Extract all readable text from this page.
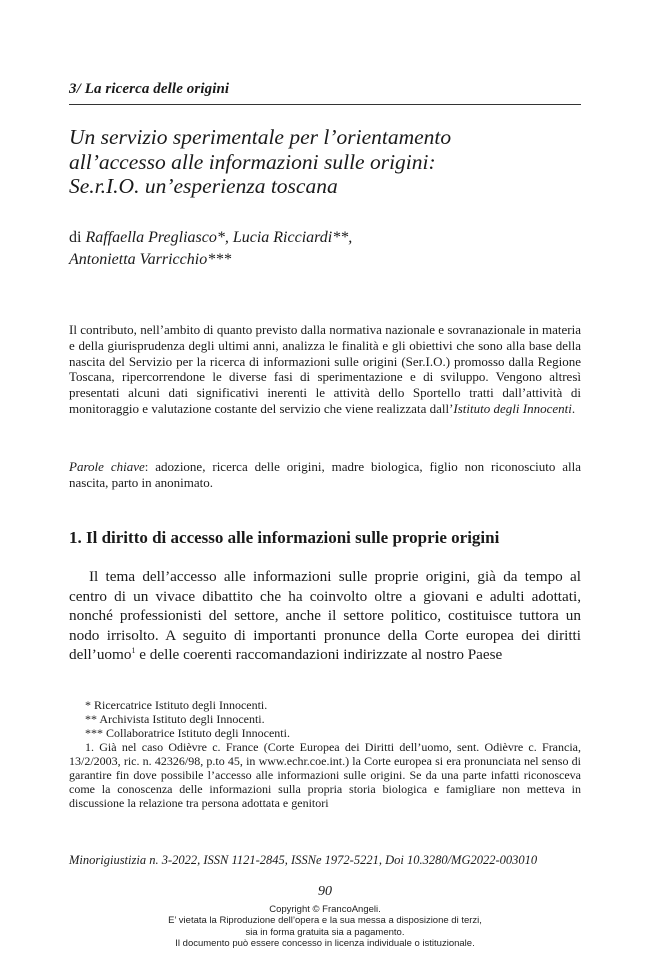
3/ La ricerca delle origini
Un servizio sperimentale per l’orientamento
all’accesso alle informazioni sulle origini:
Se.r.I.O. un’esperienza toscana
di Raffaella Pregliasco*, Lucia Ricciardi**,
Antonietta Varricchio***
Il contributo, nell’ambito di quanto previsto dalla normativa nazionale e sovranazionale in materia e della giurisprudenza degli ultimi anni, analizza le finalità e gli obiettivi che sono alla base della nascita del Servizio per la ricerca di informazioni sulle origini (Ser.I.O.) promosso dalla Regione Toscana, ripercorrendone le diverse fasi di sperimentazione e di sviluppo. Vengono altresì presentati alcuni dati significativi inerenti le attività dello Sportello tratti dall’attività di monitoraggio e valutazione costante del servizio che viene realizzata dall’Istituto degli Innocenti.
Parole chiave: adozione, ricerca delle origini, madre biologica, figlio non riconosciuto alla nascita, parto in anonimato.
1. Il diritto di accesso alle informazioni sulle proprie origini
Il tema dell’accesso alle informazioni sulle proprie origini, già da tempo al centro di un vivace dibattito che ha coinvolto oltre a giovani e adulti adottati, nonché professionisti del settore, anche il settore politico, costituisce tuttora un nodo irrisolto. A seguito di importanti pronunce della Corte europea dei diritti dell’uomo$^1$ e delle coerenti raccomandazioni indirizzate al nostro Paese
* Ricercatrice Istituto degli Innocenti.
** Archivista Istituto degli Innocenti.
*** Collaboratrice Istituto degli Innocenti.
1. Già nel caso Odièvre c. France (Corte Europea dei Diritti dell’uomo, sent. Odièvre c. Francia, 13/2/2003, ric. n. 42326/98, p.to 45, in www.echr.coe.int.) la Corte europea si era pronunciata nel senso di garantire fin dove possibile l’accesso alle informazioni sulle origini. Se da una parte infatti riconosceva come la conoscenza delle informazioni sulla propria storia biologica e famigliare non metteva in discussione la relazione tra persona adottata e genitori
Minorigiustizia n. 3-2022, ISSN 1121-2845, ISSNe 1972-5221, Doi 10.3280/MG2022-003010
90
Copyright © FrancoAngeli.
E’ vietata la Riproduzione dell’opera e la sua messa a disposizione di terzi,
sia in forma gratuita sia a pagamento.
Il documento può essere concesso in licenza individuale o istituzionale.
